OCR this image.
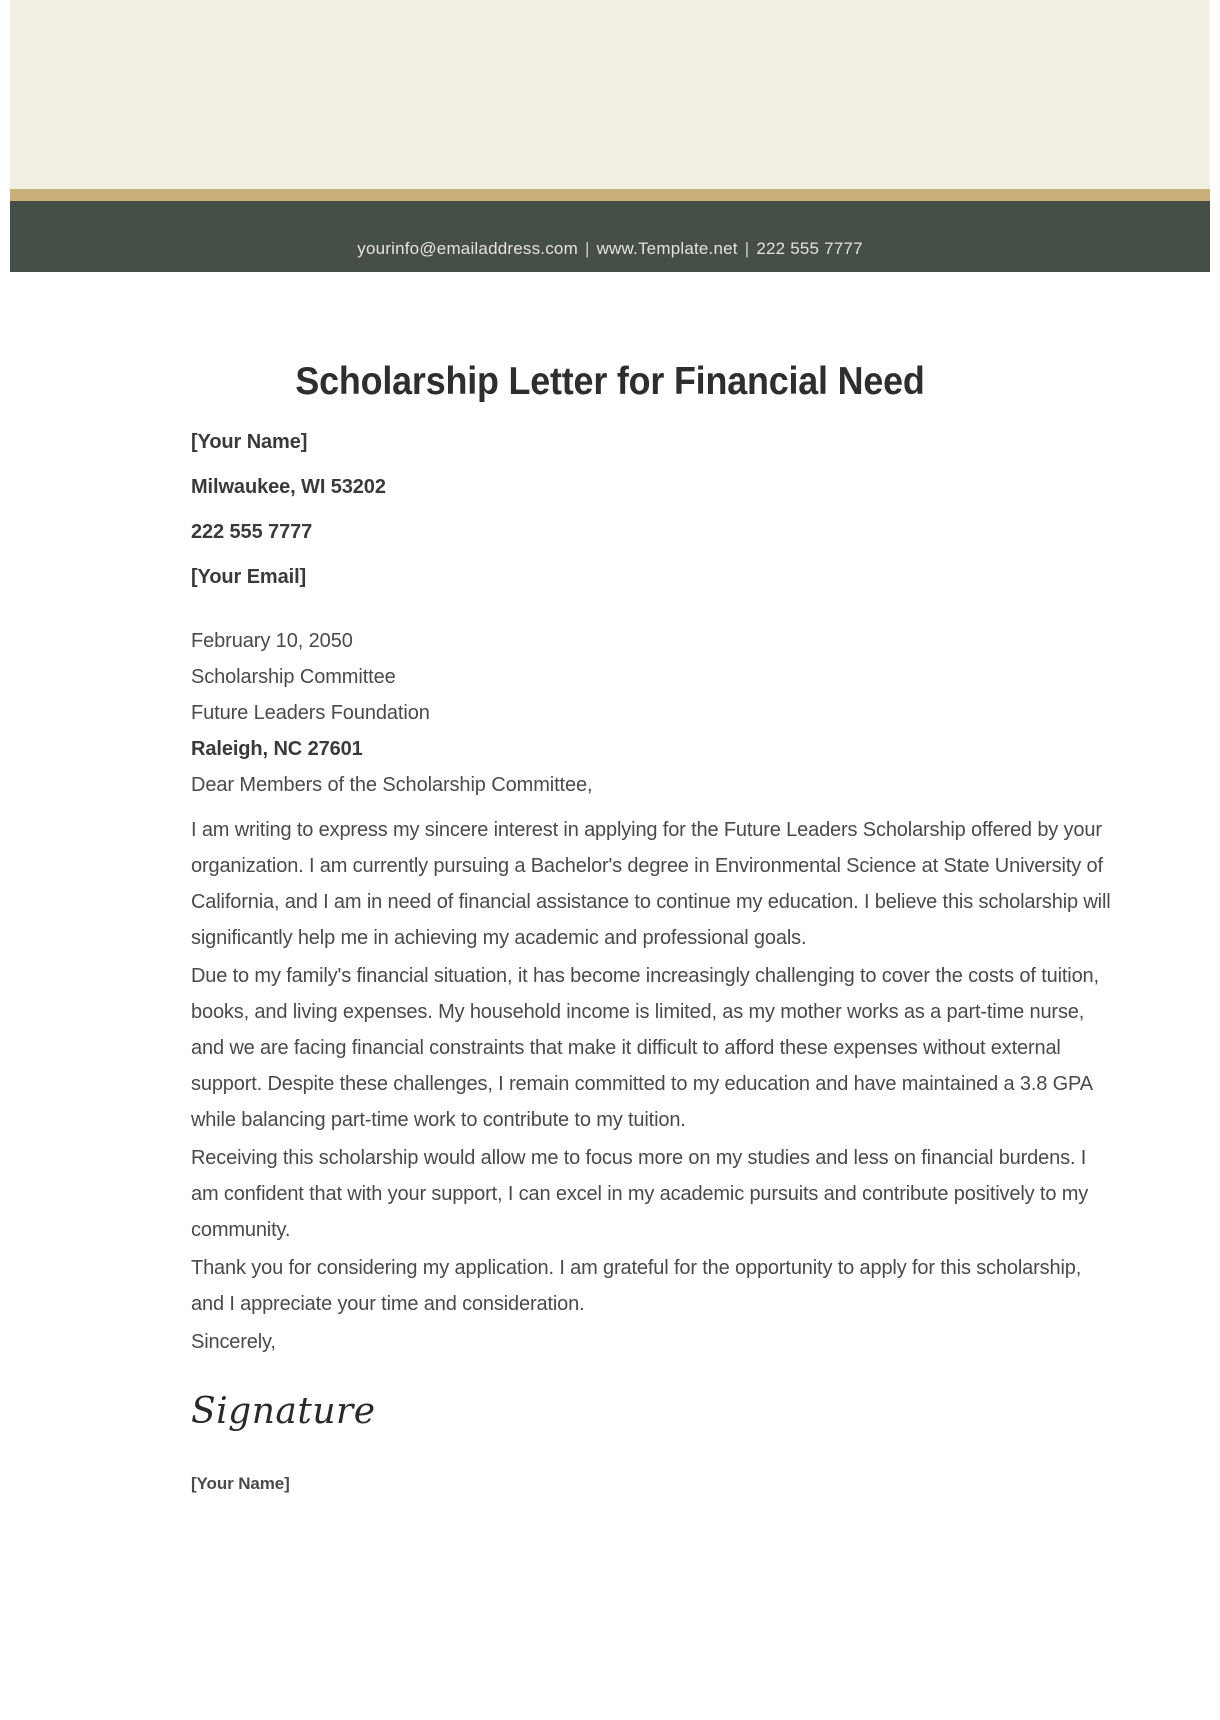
yourinfo@emailaddress.com | www.Template.net | 222 555 7777
Scholarship Letter for Financial Need
[Your Name]
Milwaukee, WI 53202
222 555 7777
[Your Email]
February 10, 2050
Scholarship Committee
Future Leaders Foundation
Raleigh, NC 27601
Dear Members of the Scholarship Committee,

I am writing to express my sincere interest in applying for the Future Leaders Scholarship offered by your organization. I am currently pursuing a Bachelor's degree in Environmental Science at State University of California, and I am in need of financial assistance to continue my education. I believe this scholarship will significantly help me in achieving my academic and professional goals.

Due to my family's financial situation, it has become increasingly challenging to cover the costs of tuition, books, and living expenses. My household income is limited, as my mother works as a part-time nurse, and we are facing financial constraints that make it difficult to afford these expenses without external support. Despite these challenges, I remain committed to my education and have maintained a 3.8 GPA while balancing part-time work to contribute to my tuition.

Receiving this scholarship would allow me to focus more on my studies and less on financial burdens. I am confident that with your support, I can excel in my academic pursuits and contribute positively to my community.

Thank you for considering my application. I am grateful for the opportunity to apply for this scholarship, and I appreciate your time and consideration.

Sincerely,
Signature
[Your Name]
